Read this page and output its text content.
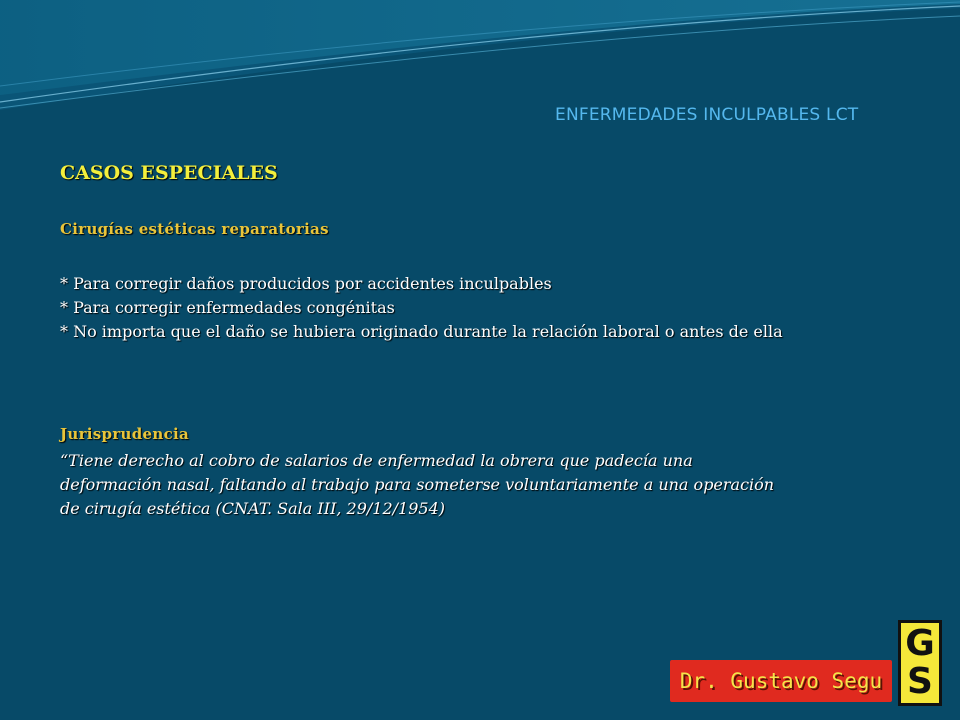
ENFERMEDADES INCULPABLES LCT
CASOS ESPECIALES
Cirugías estéticas reparatorias
* Para corregir daños producidos por accidentes inculpables
* Para corregir enfermedades congénitas
* No importa que el daño se hubiera originado durante la relación laboral o antes de ella
Jurisprudencia
“Tiene derecho al cobro de salarios de enfermedad la obrera que padecía una
deformación nasal, faltando al trabajo para someterse voluntariamente a una operación
de cirugía estética (CNAT. Sala III, 29/12/1954)
Dr. Gustavo Segu
G
S
